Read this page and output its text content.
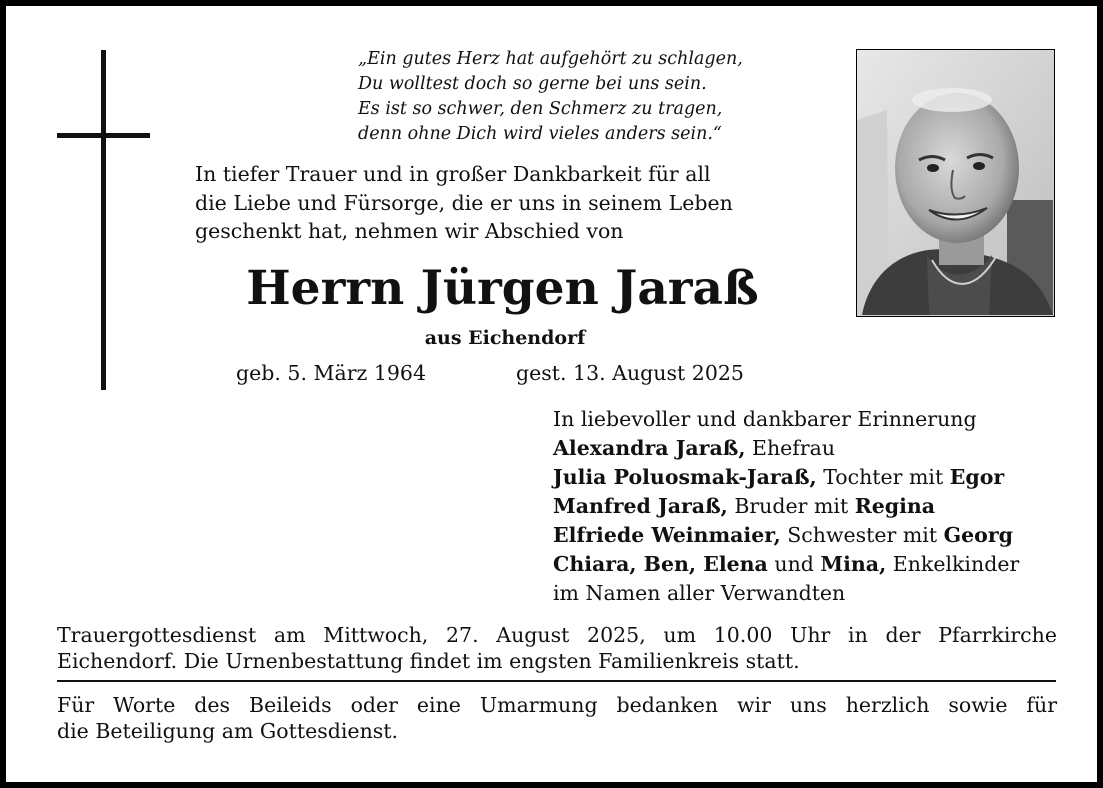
„Ein gutes Herz hat aufgehört zu schlagen,
Du wolltest doch so gerne bei uns sein.
Es ist so schwer, den Schmerz zu tragen,
denn ohne Dich wird vieles anders sein.“
In tiefer Trauer und in großer Dankbarkeit für all
die Liebe und Fürsorge, die er uns in seinem Leben
geschenkt hat, nehmen wir Abschied von
Herrn Jürgen Jaraß
aus Eichendorf
geb. 5. März 1964	gest. 13. August 2025
In liebevoller und dankbarer Erinnerung
Alexandra Jaraß, Ehefrau
Julia Poluosmak-Jaraß, Tochter mit Egor
Manfred Jaraß, Bruder mit Regina
Elfriede Weinmaier, Schwester mit Georg
Chiara, Ben, Elena und Mina, Enkelkinder
im Namen aller Verwandten
Trauergottesdienst am Mittwoch, 27. August 2025, um 10.00 Uhr in der Pfarrkirche
Eichendorf. Die Urnenbestattung findet im engsten Familienkreis statt.
Für Worte des Beileids oder eine Umarmung bedanken wir uns herzlich sowie für
die Beteiligung am Gottesdienst.
